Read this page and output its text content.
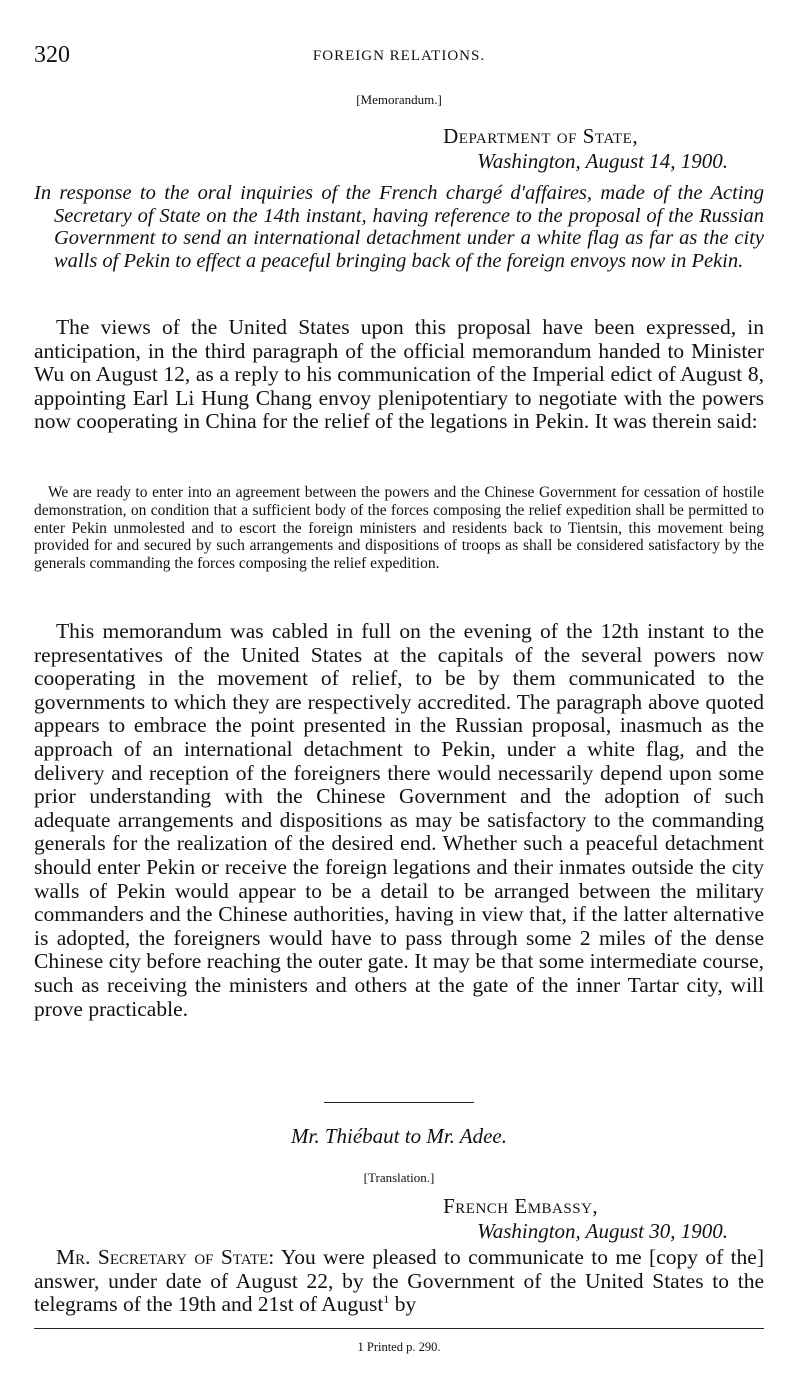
320	FOREIGN RELATIONS.
[Memorandum.]
Department of State,
Washington, August 14, 1900.

In response to the oral inquiries of the French chargé d'affaires, made of the Acting Secretary of State on the 14th instant, having reference to the proposal of the Russian Government to send an international detachment under a white flag as far as the city walls of Pekin to effect a peaceful bringing back of the foreign envoys now in Pekin.

The views of the United States upon this proposal have been expressed, in anticipation, in the third paragraph of the official memorandum handed to Minister Wu on August 12, as a reply to his communication of the Imperial edict of August 8, appointing Earl Li Hung Chang envoy plenipotentiary to negotiate with the powers now cooperating in China for the relief of the legations in Pekin. It was therein said:

We are ready to enter into an agreement between the powers and the Chinese Government for cessation of hostile demonstration, on condition that a sufficient body of the forces composing the relief expedition shall be permitted to enter Pekin unmolested and to escort the foreign ministers and residents back to Tientsin, this movement being provided for and secured by such arrangements and dispositions of troops as shall be considered satisfactory by the generals commanding the forces composing the relief expedition.

This memorandum was cabled in full on the evening of the 12th instant to the representatives of the United States at the capitals of the several powers now cooperating in the movement of relief, to be by them communicated to the governments to which they are respectively accredited. The paragraph above quoted appears to embrace the point presented in the Russian proposal, inasmuch as the approach of an international detachment to Pekin, under a white flag, and the delivery and reception of the foreigners there would necessarily depend upon some prior understanding with the Chinese Government and the adoption of such adequate arrangements and dispositions as may be satisfactory to the commanding generals for the realization of the desired end. Whether such a peaceful detachment should enter Pekin or receive the foreign legations and their inmates outside the city walls of Pekin would appear to be a detail to be arranged between the military commanders and the Chinese authorities, having in view that, if the latter alternative is adopted, the foreigners would have to pass through some 2 miles of the dense Chinese city before reaching the outer gate. It may be that some intermediate course, such as receiving the ministers and others at the gate of the inner Tartar city, will prove practicable.

Mr. Thiébaut to Mr. Adee.
[Translation.]
French Embassy,
Washington, August 30, 1900.

Mr. Secretary of State: You were pleased to communicate to me [copy of the] answer, under date of August 22, by the Government of the United States to the telegrams of the 19th and 21st of August$^1$ by

1 Printed p. 290.
